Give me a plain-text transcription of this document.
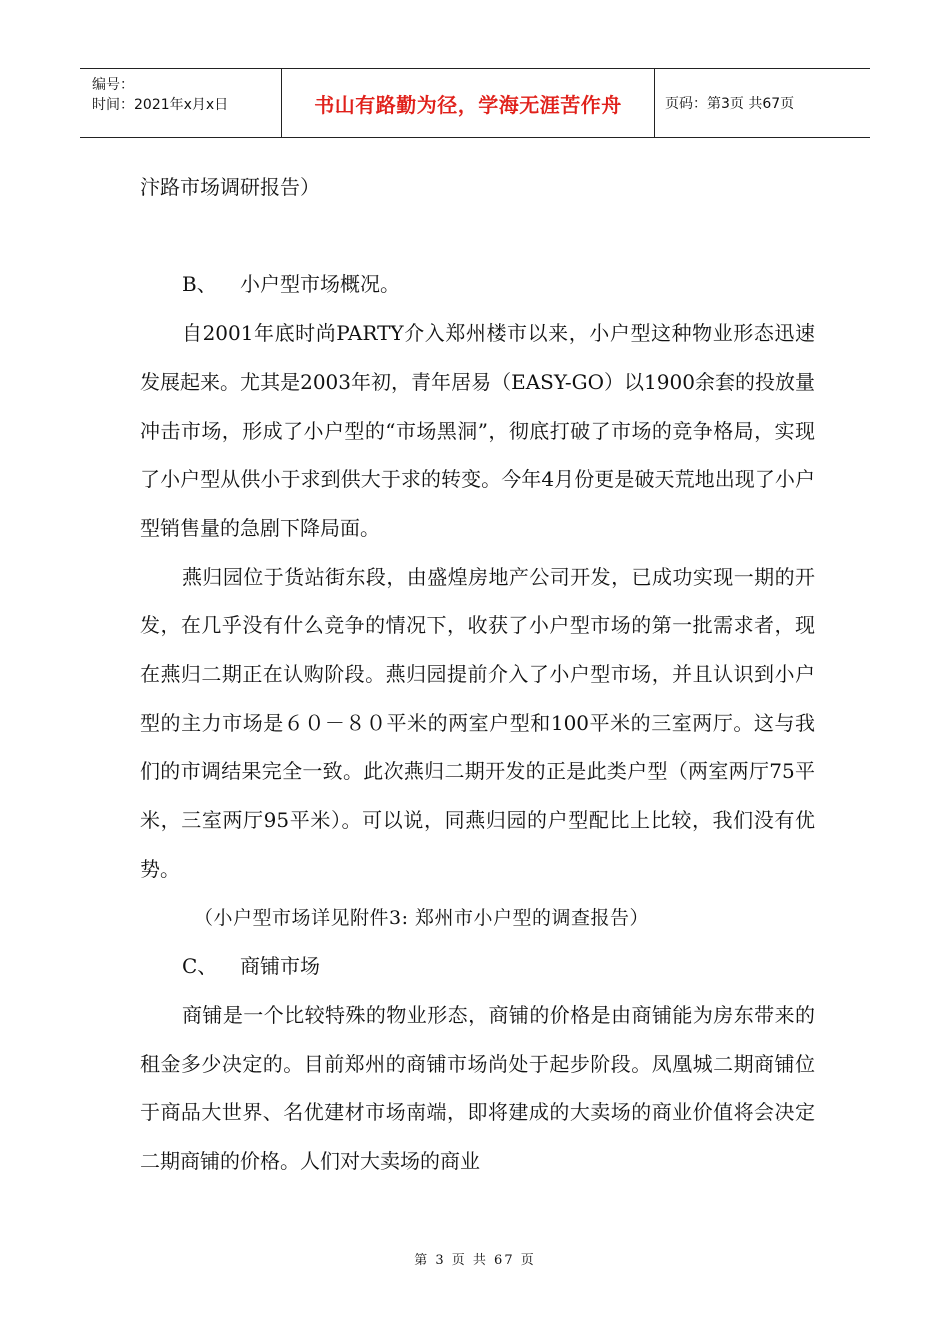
编号：
时间：2021年x月x日	书山有路勤为径，学海无涯苦作舟	页码：第3页 共67页

汴路市场调研报告）

B、 小户型市场概况。

自2001年底时尚PARTY介入郑州楼市以来，小户型这种物业形态迅速发展起来。尤其是2003年初，青年居易（EASY-GO）以1900余套的投放量冲击市场，形成了小户型的“市场黑洞”，彻底打破了市场的竞争格局，实现了小户型从供小于求到供大于求的转变。今年4月份更是破天荒地出现了小户型销售量的急剧下降局面。

燕归园位于货站街东段，由盛煌房地产公司开发，已成功实现一期的开发，在几乎没有什么竞争的情况下，收获了小户型市场的第一批需求者，现在燕归二期正在认购阶段。燕归园提前介入了小户型市场，并且认识到小户型的主力市场是６０－８０平米的两室户型和100平米的三室两厅。这与我们的市调结果完全一致。此次燕归二期开发的正是此类户型（两室两厅75平米，三室两厅95平米）。可以说，同燕归园的户型配比上比较，我们没有优势。

（小户型市场详见附件3: 郑州市小户型的调查报告）

C、 商铺市场

商铺是一个比较特殊的物业形态，商铺的价格是由商铺能为房东带来的租金多少决定的。目前郑州的商铺市场尚处于起步阶段。凤凰城二期商铺位于商品大世界、名优建材市场南端，即将建成的大卖场的商业价值将会决定二期商铺的价格。人们对大卖场的商业

第 3 页 共 67 页
